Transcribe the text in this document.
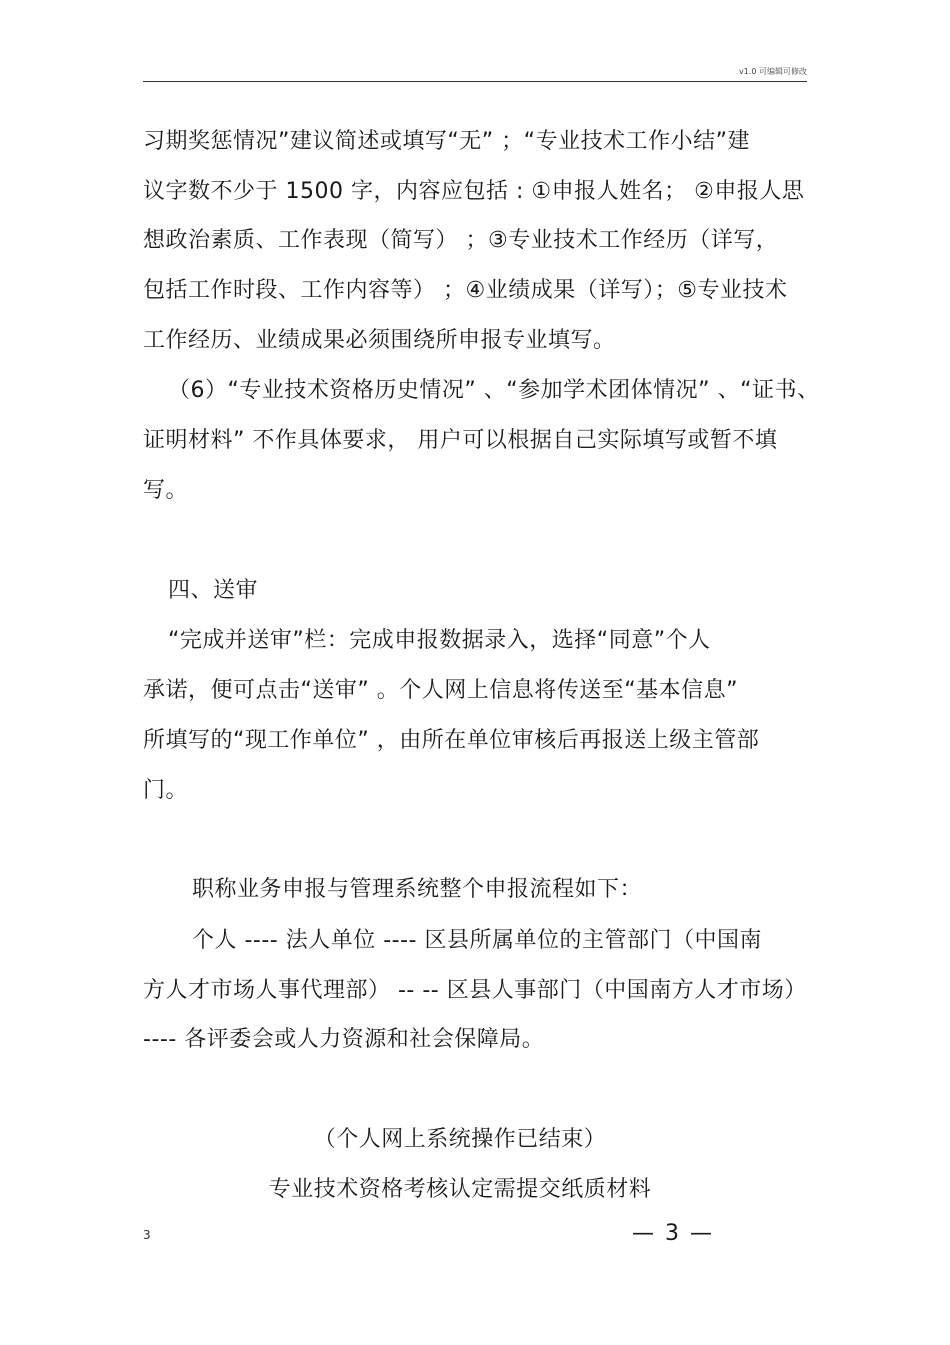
v1.0 可编辑可修改
习期奖惩情况”建议简述或填写“无” ；“专业技术工作小结”建
议字数不少于 1500 字，内容应包括 : ①申报人姓名； ②申报人思
想政治素质、工作表现（简写） ；③专业技术工作经历（详写，
包括工作时段、工作内容等） ；④业绩成果（详写）；⑤专业技术
工作经历、业绩成果必须围绕所申报专业填写。
（6）“专业技术资格历史情况” 、“参加学术团体情况” 、“证书、
证明材料” 不作具体要求， 用户可以根据自己实际填写或暂不填
写。
四、送审
“完成并送审”栏：完成申报数据录入，选择“同意”个人
承诺，便可点击“送审” 。个人网上信息将传送至“基本信息”
所填写的“现工作单位” ，由所在单位审核后再报送上级主管部
门。
职称业务申报与管理系统整个申报流程如下：
个人 ---- 法人单位 ---- 区县所属单位的主管部门（中国南
方人才市场人事代理部） -- -- 区县人事部门（中国南方人才市场）
---- 各评委会或人力资源和社会保障局。
（个人网上系统操作已结束）
专业技术资格考核认定需提交纸质材料
3	— 3 —
